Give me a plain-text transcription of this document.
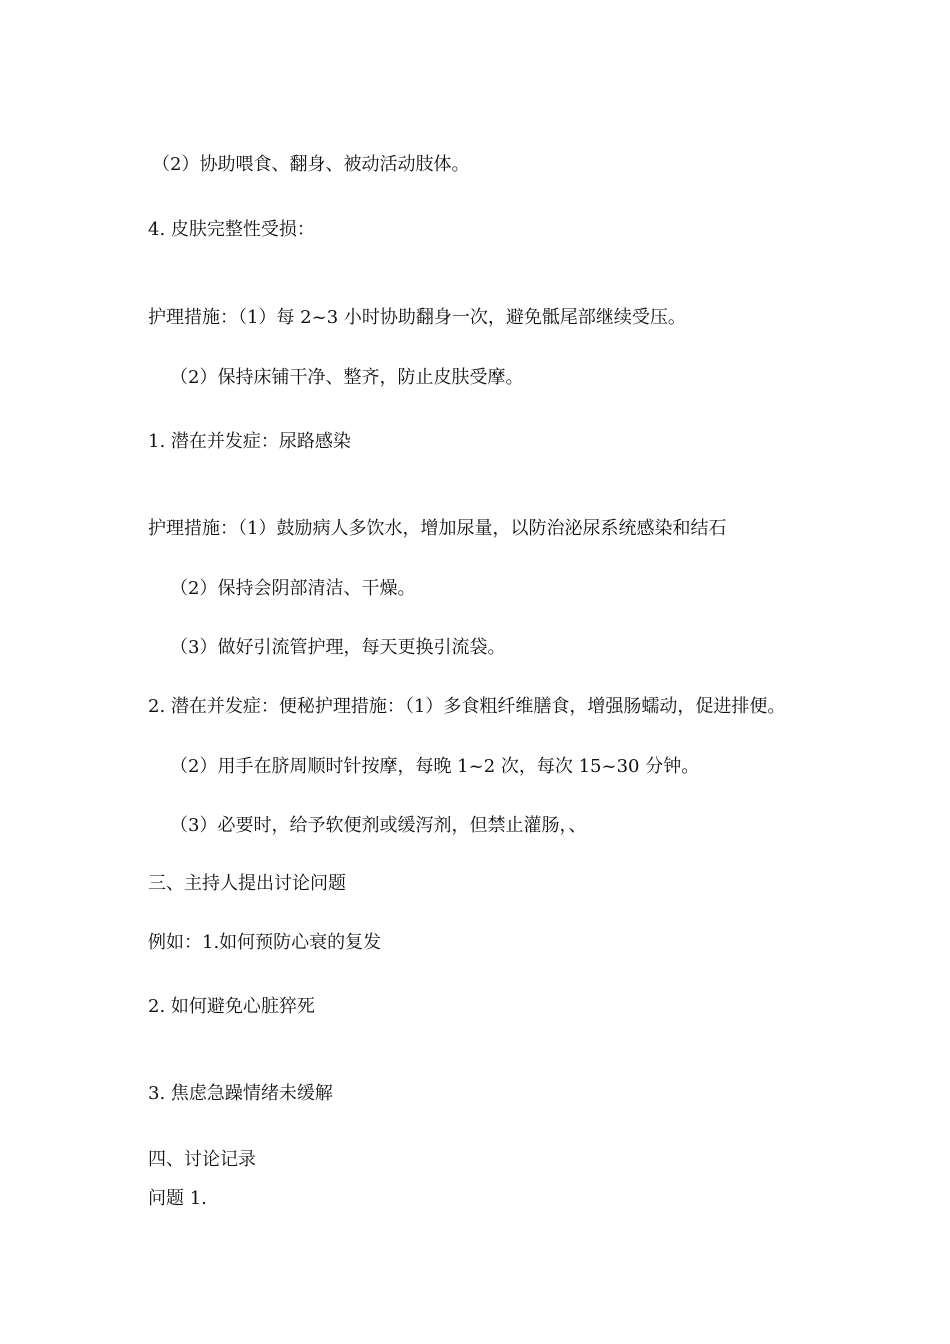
（2）协助喂食、翻身、被动活动肢体。
4. 皮肤完整性受损：
护理措施：（1）每 2~3 小时协助翻身一次，避免骶尾部继续受压。
（2）保持床铺干净、整齐，防止皮肤受摩。
1. 潜在并发症：尿路感染
护理措施：（1）鼓励病人多饮水，增加尿量，以防治泌尿系统感染和结石
（2）保持会阴部清洁、干燥。
（3）做好引流管护理，每天更换引流袋。
2. 潜在并发症：便秘护理措施：（1）多食粗纤维膳食，增强肠蠕动，促进排便。
（2）用手在脐周顺时针按摩，每晚 1~2 次，每次 15~30 分钟。
（3）必要时，给予软便剂或缓泻剂，但禁止灌肠，、
三、主持人提出讨论问题
例如：1.如何预防心衰的复发
2. 如何避免心脏猝死
3. 焦虑急躁情绪未缓解
四、讨论记录
问题 1.
